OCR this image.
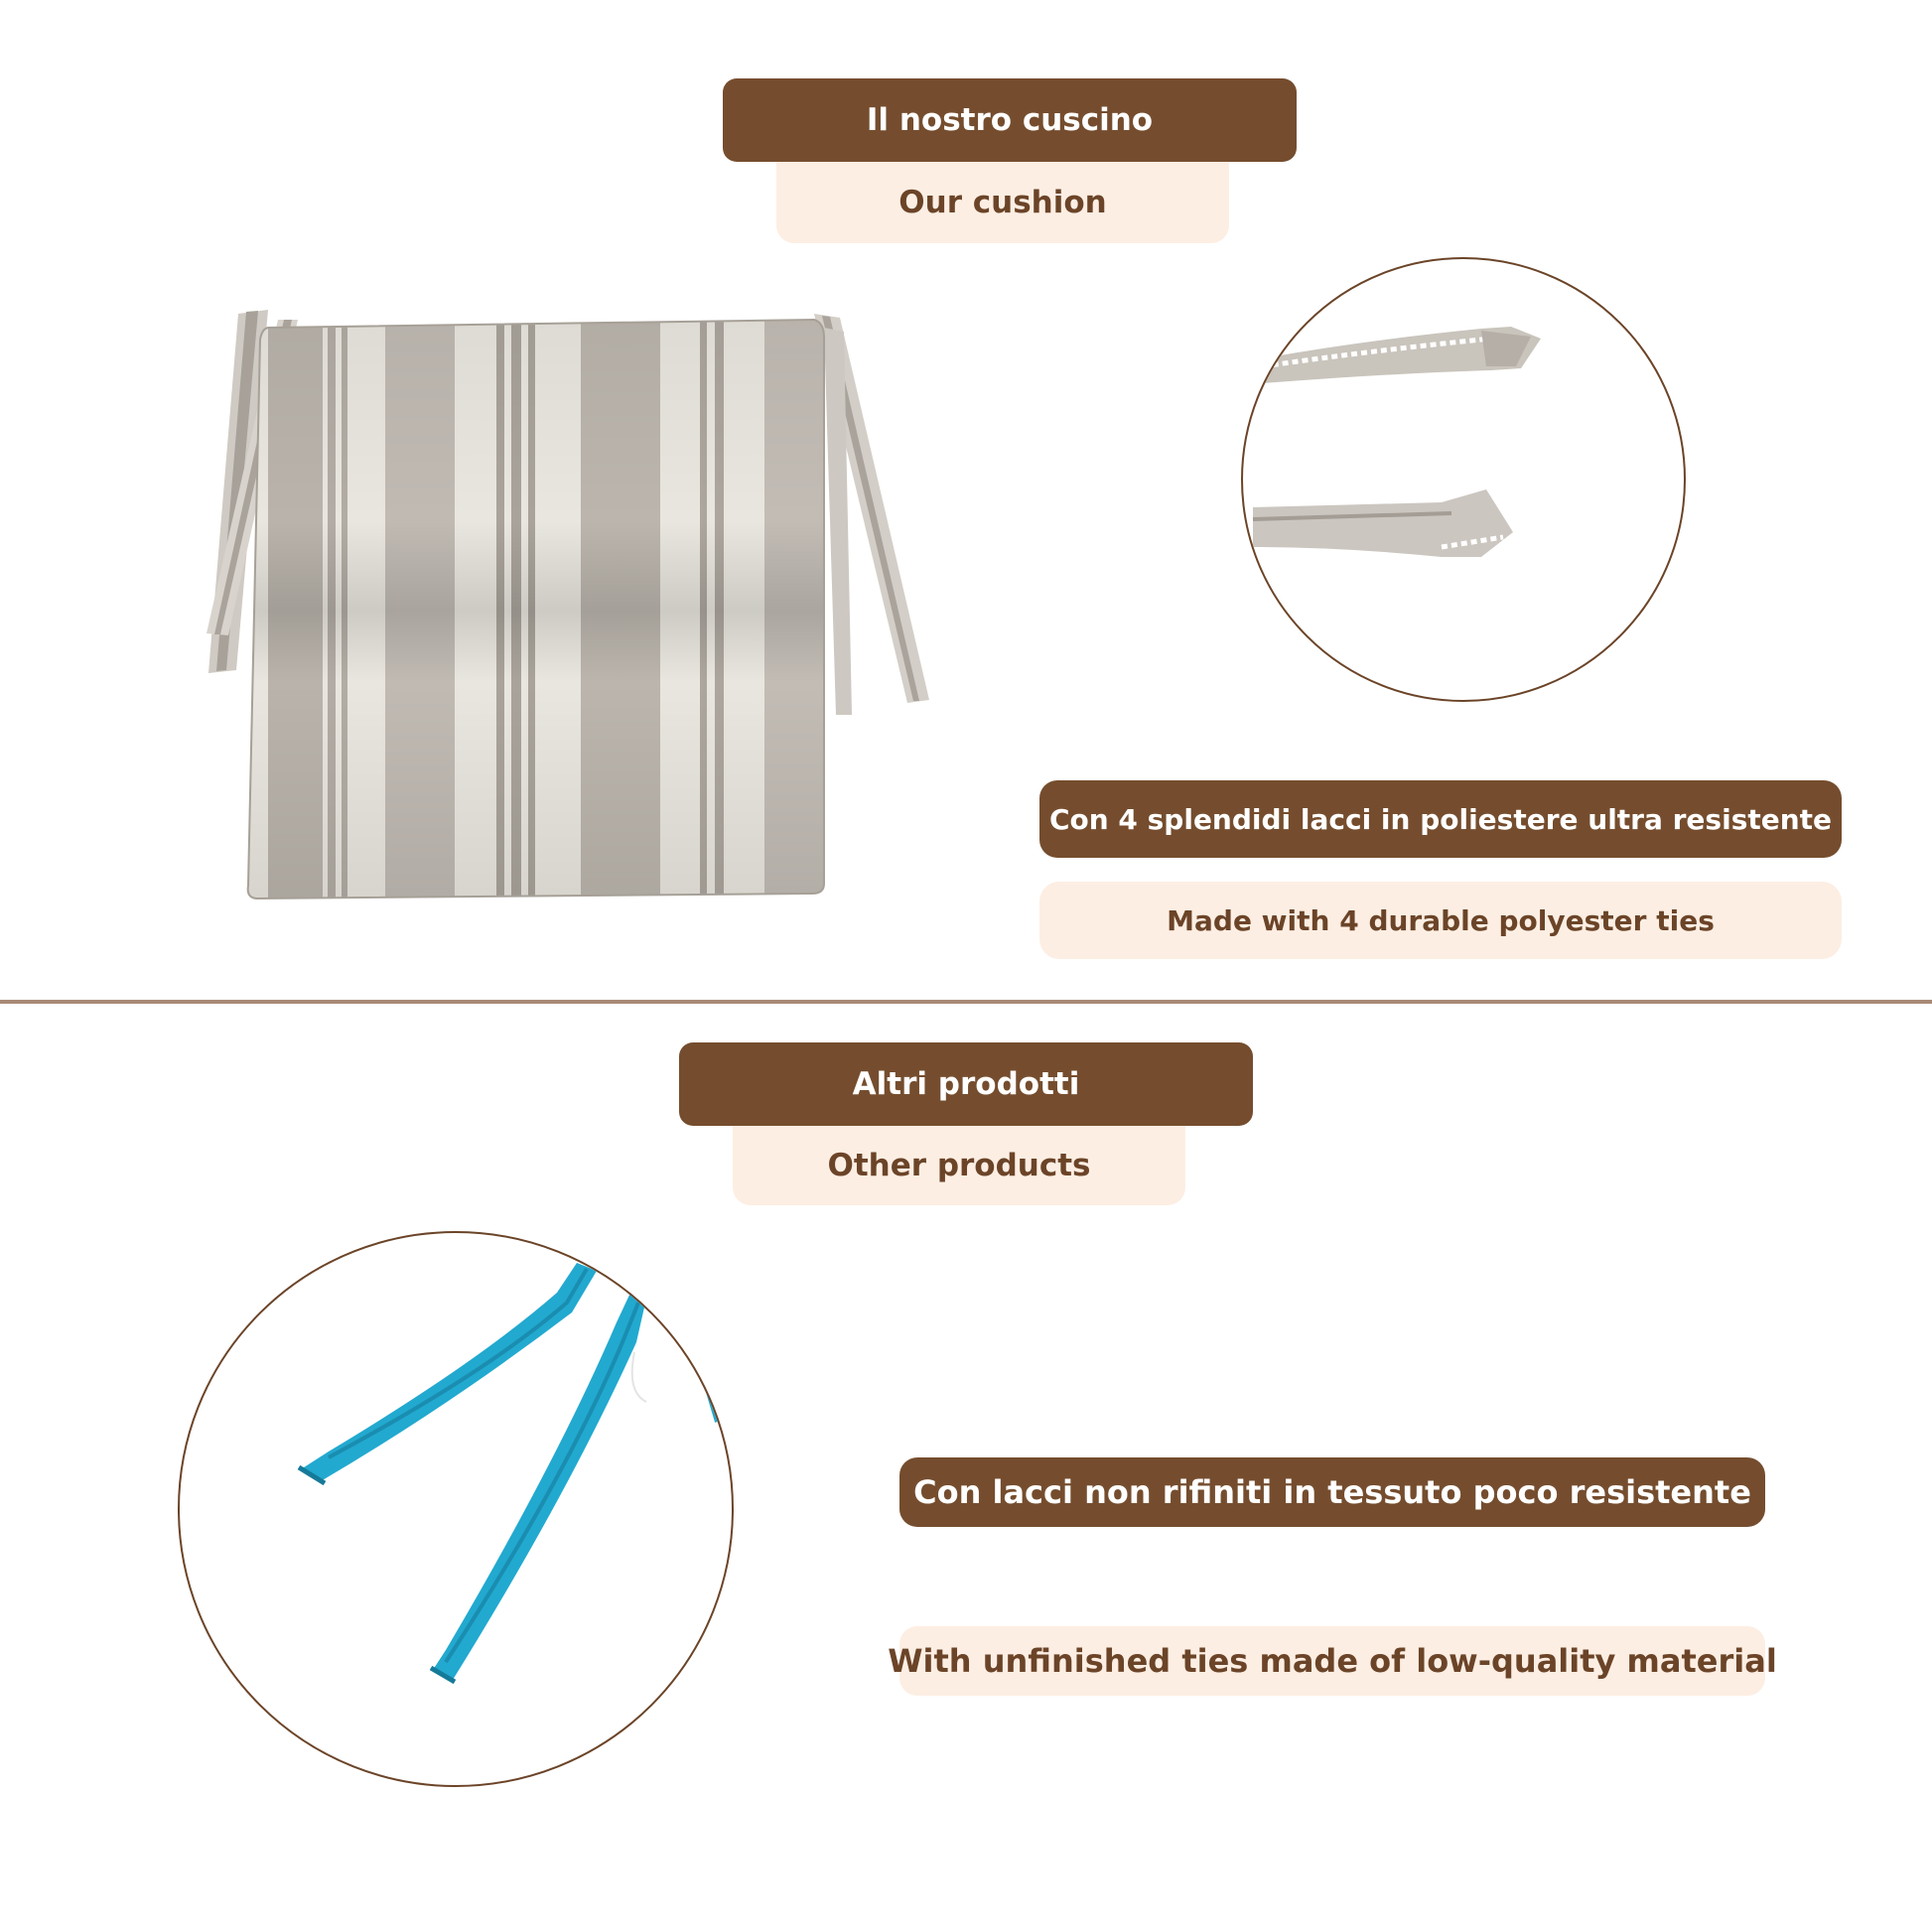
Il nostro cuscino
Our cushion
Con 4 splendidi lacci in poliestere ultra resistente
Made with 4 durable polyester ties
Altri prodotti
Other products
Con lacci non rifiniti in tessuto poco resistente
With unfinished ties made of low-quality material
